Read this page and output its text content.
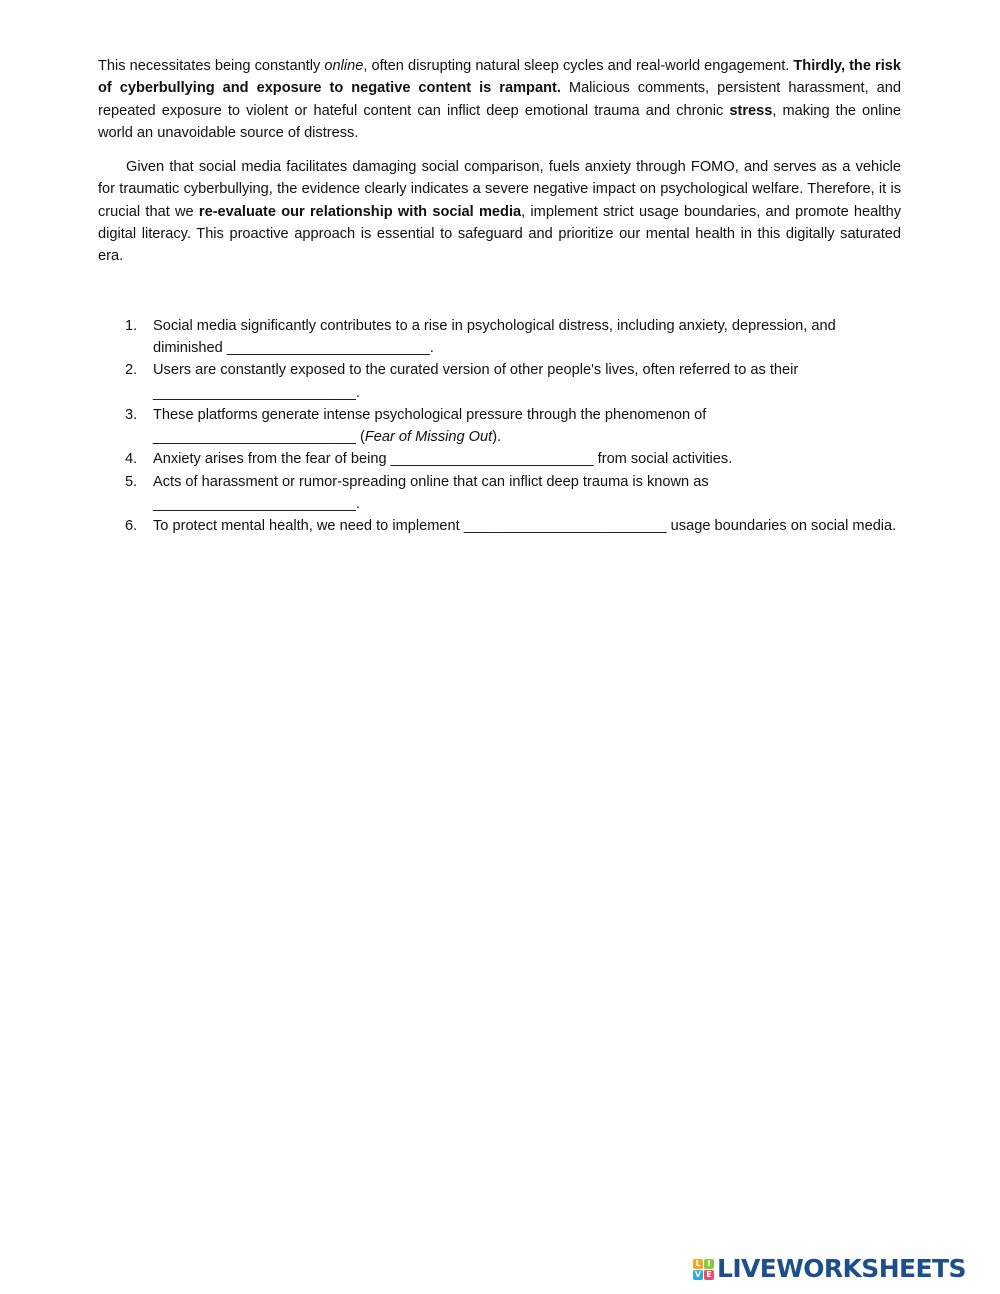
This necessitates being constantly online, often disrupting natural sleep cycles and real-world engagement. Thirdly, the risk of cyberbullying and exposure to negative content is rampant. Malicious comments, persistent harassment, and repeated exposure to violent or hateful content can inflict deep emotional trauma and chronic stress, making the online world an unavoidable source of distress.

Given that social media facilitates damaging social comparison, fuels anxiety through FOMO, and serves as a vehicle for traumatic cyberbullying, the evidence clearly indicates a severe negative impact on psychological welfare. Therefore, it is crucial that we re-evaluate our relationship with social media, implement strict usage boundaries, and promote healthy digital literacy. This proactive approach is essential to safeguard and prioritize our mental health in this digitally saturated era.

1. Social media significantly contributes to a rise in psychological distress, including anxiety, depression, and diminished _________________________.
2. Users are constantly exposed to the curated version of other people's lives, often referred to as their _________________________.
3. These platforms generate intense psychological pressure through the phenomenon of _________________________ (Fear of Missing Out).
4. Anxiety arises from the fear of being _________________________ from social activities.
5. Acts of harassment or rumor-spreading online that can inflict deep trauma is known as _________________________.
6. To protect mental health, we need to implement _________________________ usage boundaries on social media.
L I
V E LIVEWORKSHEETS
